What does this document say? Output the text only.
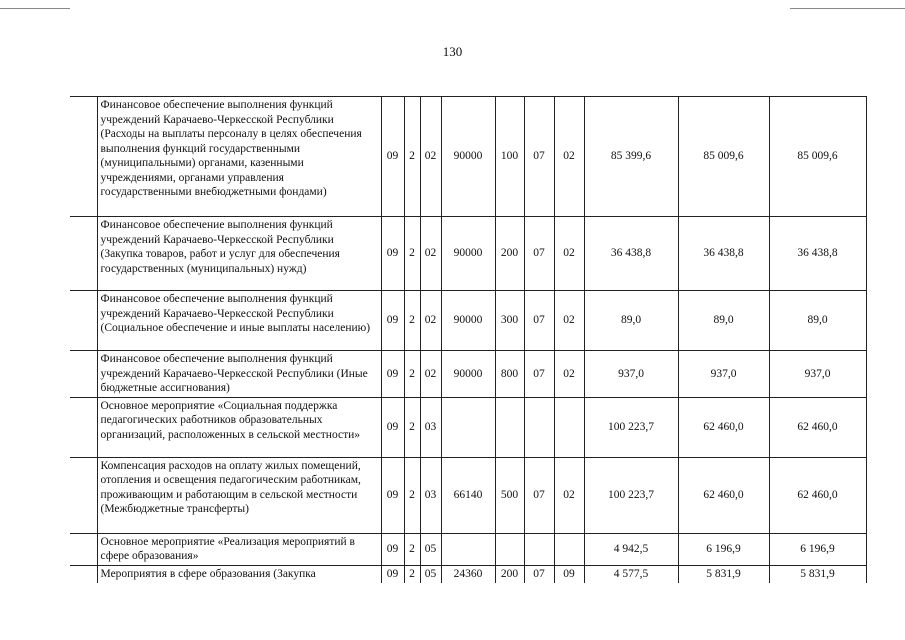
130
	Финансовое обеспечение выполнения функций учреждений Карачаево-Черкесской Республики (Расходы на выплаты персоналу в целях обеспечения выполнения функций государственными (муниципальными) органами, казенными учреждениями, органами управления государственными внебюджетными фондами)	09	2	02	90000	100	07	02	85 399,6	85 009,6	85 009,6
	Финансовое обеспечение выполнения функций учреждений Карачаево-Черкесской Республики (Закупка товаров, работ и услуг для обеспечения государственных (муниципальных) нужд)	09	2	02	90000	200	07	02	36 438,8	36 438,8	36 438,8
	Финансовое обеспечение выполнения функций учреждений Карачаево-Черкесской Республики (Социальное обеспечение и иные выплаты населению)	09	2	02	90000	300	07	02	89,0	89,0	89,0
	Финансовое обеспечение выполнения функций учреждений Карачаево-Черкесской Республики (Иные бюджетные ассигнования)	09	2	02	90000	800	07	02	937,0	937,0	937,0
	Основное мероприятие «Социальная поддержка педагогических работников образовательных организаций, расположенных в сельской местности»	09	2	03					100 223,7	62 460,0	62 460,0
	Компенсация расходов на оплату жилых помещений, отопления и освещения педагогическим работникам, проживающим и работающим в сельской местности (Межбюджетные трансферты)	09	2	03	66140	500	07	02	100 223,7	62 460,0	62 460,0
	Основное мероприятие «Реализация мероприятий в сфере образования»	09	2	05					4 942,5	6 196,9	6 196,9
	Мероприятия в сфере образования (Закупка	09	2	05	24360	200	07	09	4 577,5	5 831,9	5 831,9
